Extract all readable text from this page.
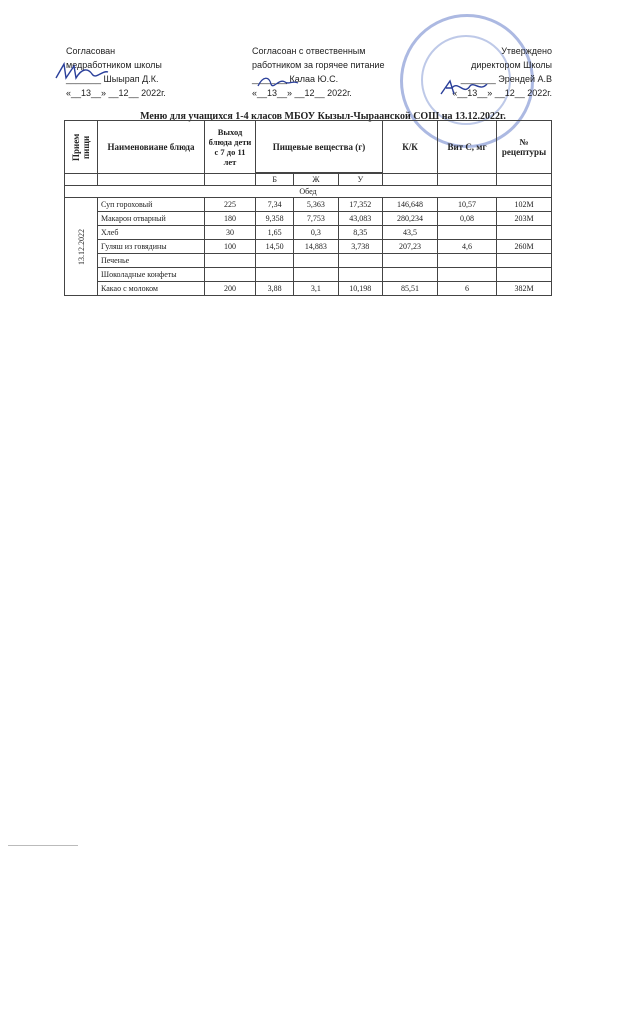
Согласован
медработником школы
_______ Шыырап Д.К.
«__13__» __12__ 2022г.
Согласоан с отвественным
работником за горячее питание
_______ Калаа Ю.С.
«__13__» __12__ 2022г.
Утверждено
директором Школы
_______ Эрендей А.В
«__13__» __12__ 2022г.
Меню для учащихся 1-4 класов МБОУ Кызыл-Чыраанской СОШ на 13.12.2022г.
Прием пищи	Наименовиане блюда	Выход блюда дети с 7 до 11 лет	Пищевые вещества (г)			К/К	Вит С, мг	№ рецептуры

			Б	Ж	У			
Обед								

13.12.2022	Суп гороховый	225	7,34	5,363	17,352	146,648	10,57	102М
	Макарон отварный	180	9,358	7,753	43,083	280,234	0,08	203М
	Хлеб	30	1,65	0,3	8,35	43,5		
	Гуляш из говядины	100	14,50	14,883	3,738	207,23	4,6	260М
	Печенье							
	Шоколадные конфеты							
	Какао с молоком	200	3,88	3,1	10,198	85,51	6	382М
